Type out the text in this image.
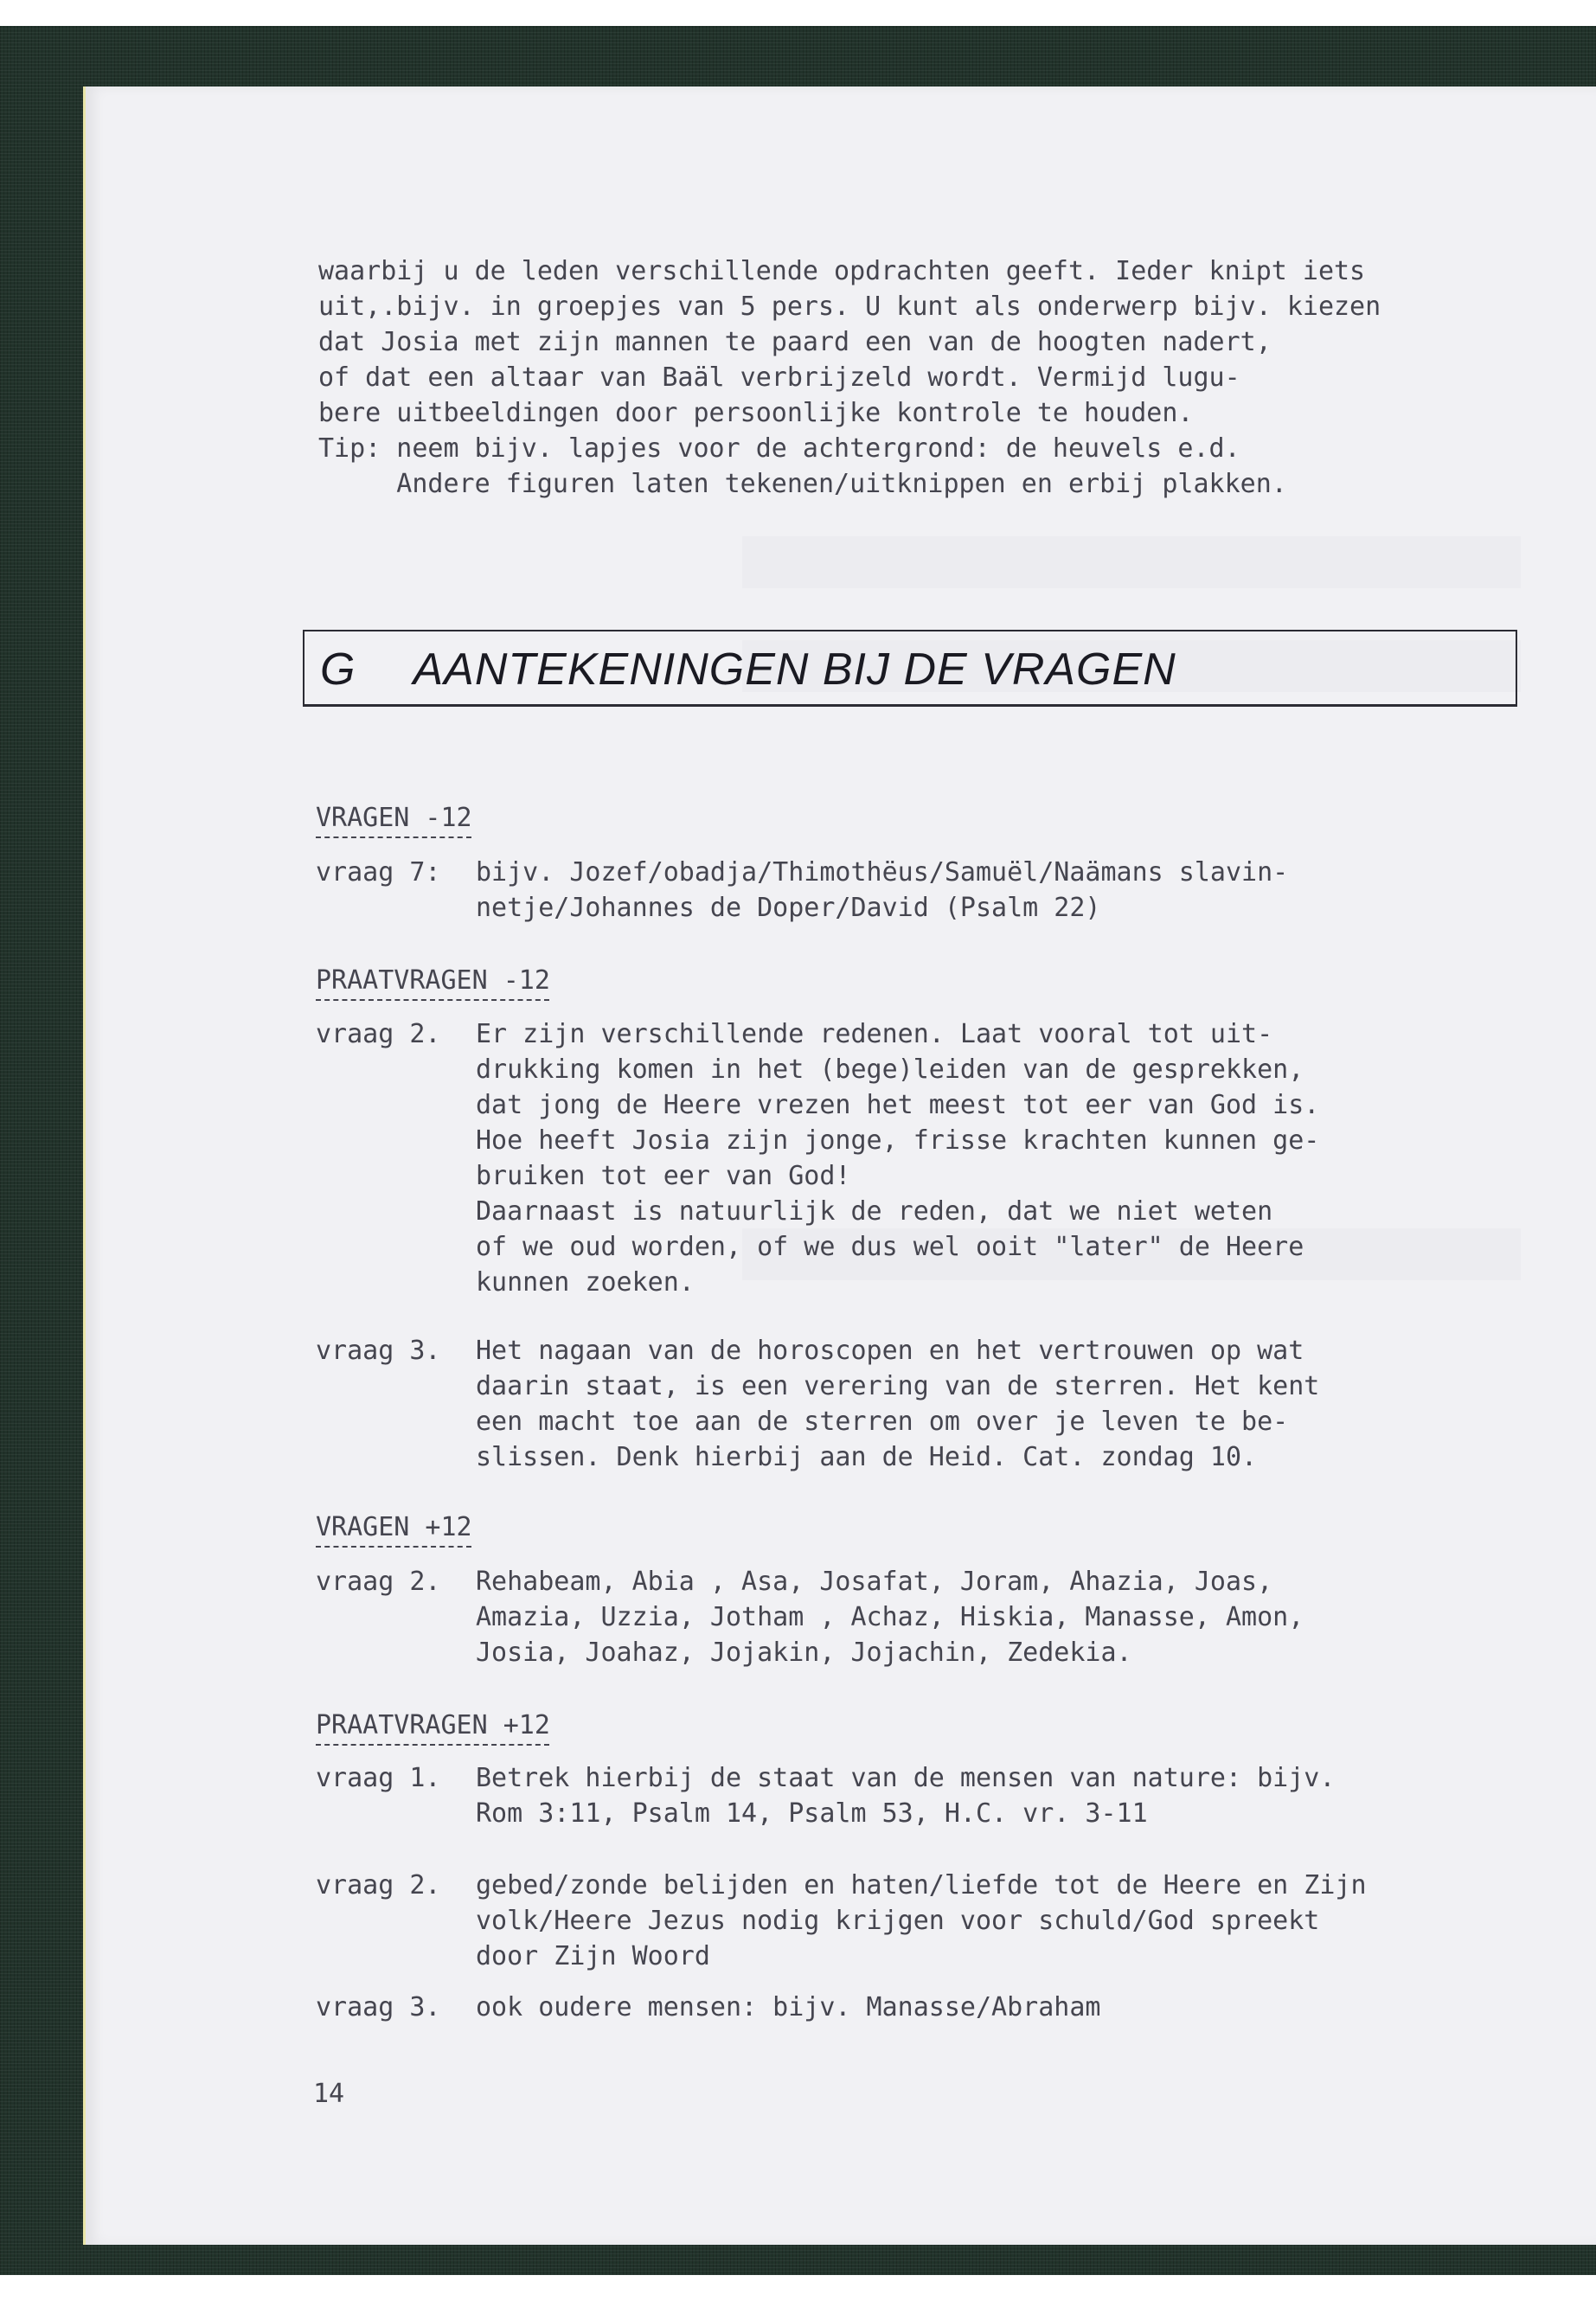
waarbij u de leden verschillende opdrachten geeft. Ieder knipt iets

uit,.bijv. in groepjes van 5 pers. U kunt als onderwerp bijv. kiezen

dat Josia met zijn mannen te paard een van de hoogten nadert,

of dat een altaar van Baäl verbrijzeld wordt. Vermijd lugu-

bere uitbeeldingen door persoonlijke kontrole te houden.

Tip: neem bijv. lapjes voor de achtergrond: de heuvels e.d.

Andere figuren laten tekenen/uitknippen en erbij plakken.

G AANTEKENINGEN BIJ DE VRAGEN

VRAGEN -12

vraag 7: bijv. Jozef/obadja/Thimothëus/Samuël/Naämans slavin-

netje/Johannes de Doper/David (Psalm 22)

PRAATVRAGEN -12

vraag 2. Er zijn verschillende redenen. Laat vooral tot uit-

drukking komen in het (bege)leiden van de gesprekken,

dat jong de Heere vrezen het meest tot eer van God is.

Hoe heeft Josia zijn jonge, frisse krachten kunnen ge-

bruiken tot eer van God!

Daarnaast is natuurlijk de reden, dat we niet weten

of we oud worden, of we dus wel ooit "later" de Heere

kunnen zoeken.

vraag 3. Het nagaan van de horoscopen en het vertrouwen op wat

daarin staat, is een verering van de sterren. Het kent

een macht toe aan de sterren om over je leven te be-

slissen. Denk hierbij aan de Heid. Cat. zondag 10.

VRAGEN +12

vraag 2. Rehabeam, Abia , Asa, Josafat, Joram, Ahazia, Joas,

Amazia, Uzzia, Jotham , Achaz, Hiskia, Manasse, Amon,

Josia, Joahaz, Jojakin, Jojachin, Zedekia.

PRAATVRAGEN +12

vraag 1. Betrek hierbij de staat van de mensen van nature: bijv.

Rom 3:11, Psalm 14, Psalm 53, H.C. vr. 3-11

vraag 2. gebed/zonde belijden en haten/liefde tot de Heere en Zijn

volk/Heere Jezus nodig krijgen voor schuld/God spreekt

door Zijn Woord

vraag 3. ook oudere mensen: bijv. Manasse/Abraham

14
